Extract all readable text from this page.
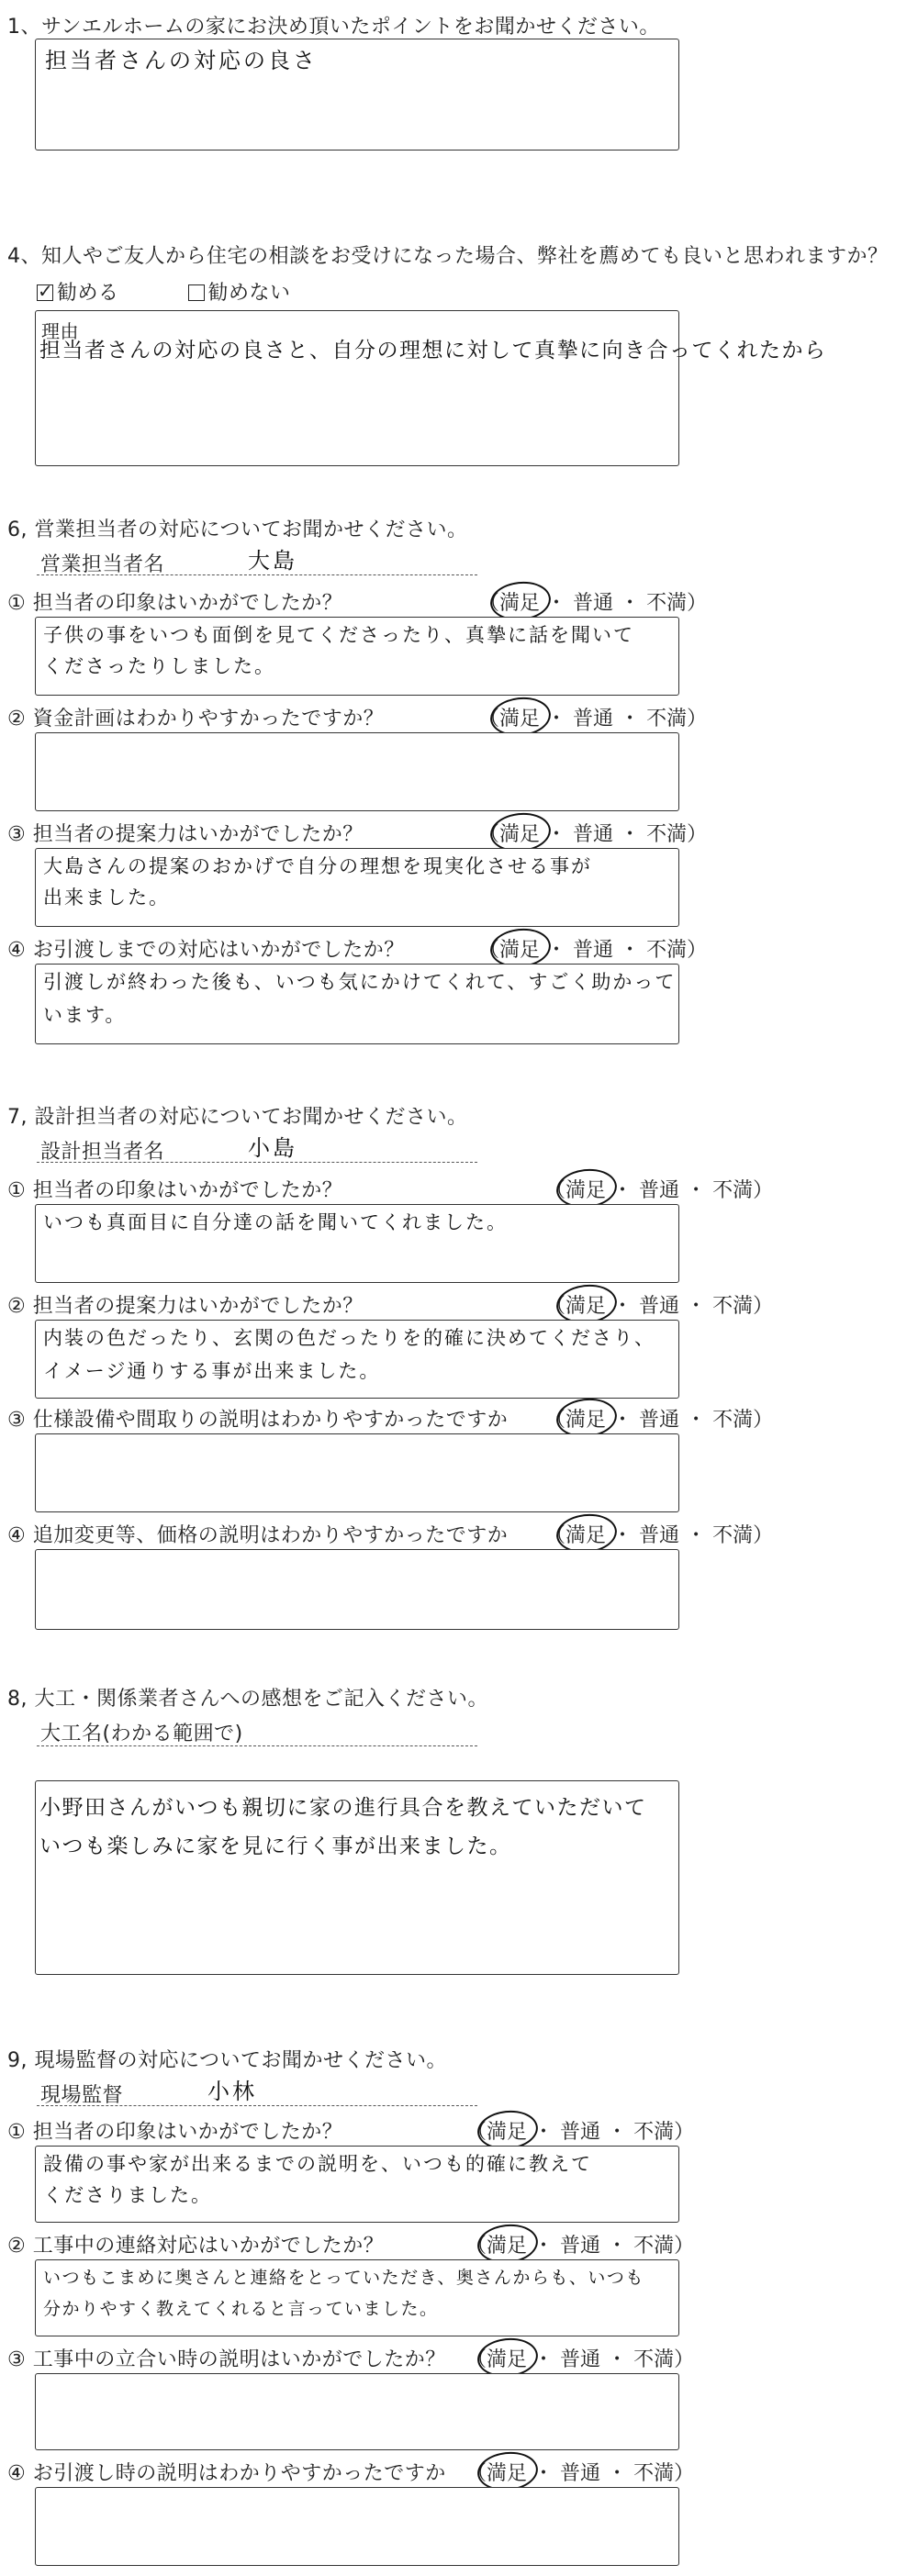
1、サンエルホームの家にお決め頂いたポイントをお聞かせください。
担当者さんの対応の良さ
4、知人やご友人から住宅の相談をお受けになった場合、弊社を薦めても良いと思われますか？
✓勧める	勧めない
理由
担当者さんの対応の良さと、自分の理想に対して真摯に向き合ってくれたから
6, 営業担当者の対応についてお聞かせください。
営業担当者名	大島
① 担当者の印象はいかがでしたか？	（満足 ・ 普通 ・ 不満）
子供の事をいつも面倒を見てくださったり、真摯に話を聞いて
くださったりしました。
② 資金計画はわかりやすかったですか？	（満足 ・ 普通 ・ 不満）
③ 担当者の提案力はいかがでしたか？	（満足 ・ 普通 ・ 不満）
大島さんの提案のおかげで自分の理想を現実化させる事が
出来ました。
④ お引渡しまでの対応はいかがでしたか？	（満足 ・ 普通 ・ 不満）
引渡しが終わった後も、いつも気にかけてくれて、すごく助かって
います。
7, 設計担当者の対応についてお聞かせください。
設計担当者名	小島
① 担当者の印象はいかがでしたか？	（満足 ・ 普通 ・ 不満）
いつも真面目に自分達の話を聞いてくれました。
② 担当者の提案力はいかがでしたか？	（満足 ・ 普通 ・ 不満）
内装の色だったり、玄関の色だったりを的確に決めてくださり、
イメージ通りする事が出来ました。
③ 仕様設備や間取りの説明はわかりやすかったですか （満足 ・ 普通 ・ 不満）
④ 追加変更等、価格の説明はわかりやすかったですか （満足 ・ 普通 ・ 不満）
8, 大工・関係業者さんへの感想をご記入ください。
大工名(わかる範囲で)
小野田さんがいつも親切に家の進行具合を教えていただいて
いつも楽しみに家を見に行く事が出来ました。
9, 現場監督の対応についてお聞かせください。
現場監督	小林
① 担当者の印象はいかがでしたか？	（満足 ・ 普通 ・ 不満）
設備の事や家が出来るまでの説明を、いつも的確に教えて
くださりました。
② 工事中の連絡対応はいかがでしたか？	（満足 ・ 普通 ・ 不満）
いつもこまめに奥さんと連絡をとっていただき、奥さんからも、いつも
分かりやすく教えてくれると言っていました。
③ 工事中の立合い時の説明はいかがでしたか？ （満足 ・ 普通 ・ 不満）
④ お引渡し時の説明はわかりやすかったですか （満足 ・ 普通 ・ 不満）
